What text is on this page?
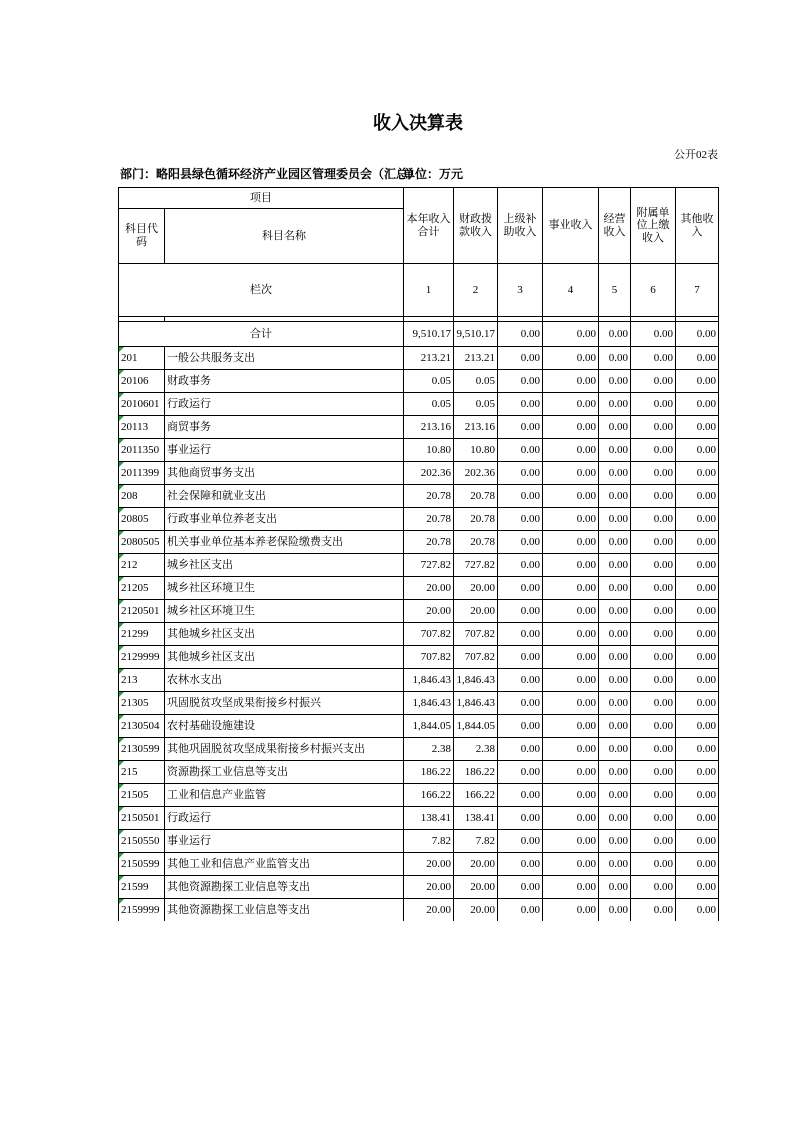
收入决算表
公开02表
部门：略阳县绿色循环经济产业园区管理委员会（汇总）
单位：万元
项目		本年收入合计	财政拨款收入	上级补助收入	事业收入	经营收入	附属单位上缴收入	其他收入
科目代码	科目名称							
栏次		1	2	3	4	5	6	7

合计		9,510.17	9,510.17	0.00	0.00	0.00	0.00	0.00

201	一般公共服务支出	213.21	213.21	0.00	0.00	0.00	0.00	0.00

20106	财政事务	0.05	0.05	0.00	0.00	0.00	0.00	0.00

2010601	行政运行	0.05	0.05	0.00	0.00	0.00	0.00	0.00

20113	商贸事务	213.16	213.16	0.00	0.00	0.00	0.00	0.00

2011350	事业运行	10.80	10.80	0.00	0.00	0.00	0.00	0.00

2011399	其他商贸事务支出	202.36	202.36	0.00	0.00	0.00	0.00	0.00

208	社会保障和就业支出	20.78	20.78	0.00	0.00	0.00	0.00	0.00

20805	行政事业单位养老支出	20.78	20.78	0.00	0.00	0.00	0.00	0.00

2080505	机关事业单位基本养老保险缴费支出	20.78	20.78	0.00	0.00	0.00	0.00	0.00

212	城乡社区支出	727.82	727.82	0.00	0.00	0.00	0.00	0.00

21205	城乡社区环境卫生	20.00	20.00	0.00	0.00	0.00	0.00	0.00

2120501	城乡社区环境卫生	20.00	20.00	0.00	0.00	0.00	0.00	0.00

21299	其他城乡社区支出	707.82	707.82	0.00	0.00	0.00	0.00	0.00

2129999	其他城乡社区支出	707.82	707.82	0.00	0.00	0.00	0.00	0.00

213	农林水支出	1,846.43	1,846.43	0.00	0.00	0.00	0.00	0.00

21305	巩固脱贫攻坚成果衔接乡村振兴	1,846.43	1,846.43	0.00	0.00	0.00	0.00	0.00

2130504	农村基础设施建设	1,844.05	1,844.05	0.00	0.00	0.00	0.00	0.00

2130599	其他巩固脱贫攻坚成果衔接乡村振兴支出	2.38	2.38	0.00	0.00	0.00	0.00	0.00

215	资源勘探工业信息等支出	186.22	186.22	0.00	0.00	0.00	0.00	0.00

21505	工业和信息产业监管	166.22	166.22	0.00	0.00	0.00	0.00	0.00

2150501	行政运行	138.41	138.41	0.00	0.00	0.00	0.00	0.00

2150550	事业运行	7.82	7.82	0.00	0.00	0.00	0.00	0.00

2150599	其他工业和信息产业监管支出	20.00	20.00	0.00	0.00	0.00	0.00	0.00

21599	其他资源勘探工业信息等支出	20.00	20.00	0.00	0.00	0.00	0.00	0.00

2159999	其他资源勘探工业信息等支出	20.00	20.00	0.00	0.00	0.00	0.00	0.00
